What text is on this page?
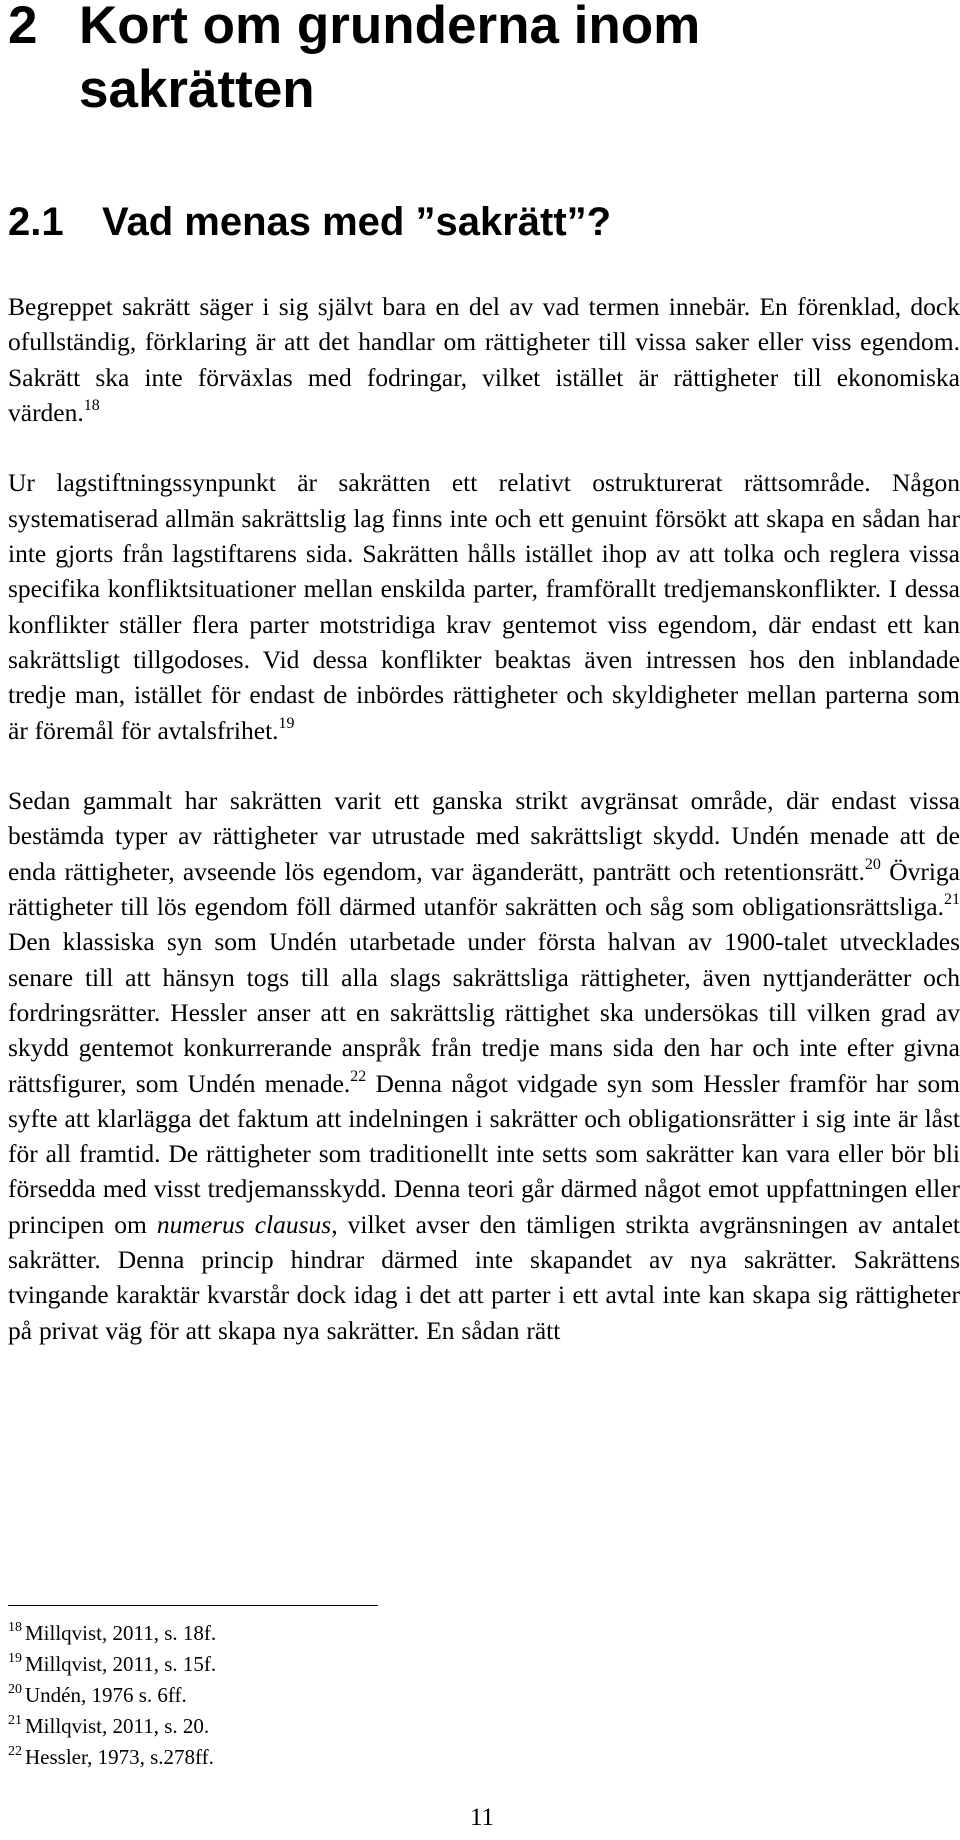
2 Kort om grunderna inom
sakrätten
2.1 Vad menas med ”sakrätt”?

Begreppet sakrätt säger i sig självt bara en del av vad termen innebär. En förenklad, dock ofullständig, förklaring är att det handlar om rättigheter till vissa saker eller viss egendom. Sakrätt ska inte förväxlas med fodringar, vilket istället är rättigheter till ekonomiska värden.$^{18}$

Ur lagstiftningssynpunkt är sakrätten ett relativt ostrukturerat rättsområde. Någon systematiserad allmän sakrättslig lag finns inte och ett genuint försökt att skapa en sådan har inte gjorts från lagstiftarens sida. Sakrätten hålls istället ihop av att tolka och reglera vissa specifika konfliktsituationer mellan enskilda parter, framförallt tredjemanskonflikter. I dessa konflikter ställer flera parter motstridiga krav gentemot viss egendom, där endast ett kan sakrättsligt tillgodoses. Vid dessa konflikter beaktas även intressen hos den inblandade tredje man, istället för endast de inbördes rättigheter och skyldigheter mellan parterna som är föremål för avtalsfrihet.$^{19}$

Sedan gammalt har sakrätten varit ett ganska strikt avgränsat område, där endast vissa bestämda typer av rättigheter var utrustade med sakrättsligt skydd. Undén menade att de enda rättigheter, avseende lös egendom, var äganderätt, panträtt och retentionsrätt.$^{20}$ Övriga rättigheter till lös egendom föll därmed utanför sakrätten och såg som obligationsrättsliga.$^{21}$ Den klassiska syn som Undén utarbetade under första halvan av 1900-talet utvecklades senare till att hänsyn togs till alla slags sakrättsliga rättigheter, även nyttjanderätter och fordringsrätter. Hessler anser att en sakrättslig rättighet ska undersökas till vilken grad av skydd gentemot konkurrerande anspråk från tredje mans sida den har och inte efter givna rättsfigurer, som Undén menade.$^{22}$ Denna något vidgade syn som Hessler framför har som syfte att klarlägga det faktum att indelningen i sakrätter och obligationsrätter i sig inte är låst för all framtid. De rättigheter som traditionellt inte setts som sakrätter kan vara eller bör bli försedda med visst tredjemansskydd. Denna teori går därmed något emot uppfattningen eller principen om numerus clausus, vilket avser den tämligen strikta avgränsningen av antalet sakrätter. Denna princip hindrar därmed inte skapandet av nya sakrätter. Sakrättens tvingande karaktär kvarstår dock idag i det att parter i ett avtal inte kan skapa sig rättigheter på privat väg för att skapa nya sakrätter. En sådan rätt

$^{18}$ Millqvist, 2011, s. 18f.
$^{19}$ Millqvist, 2011, s. 15f.
$^{20}$ Undén, 1976 s. 6ff.
$^{21}$ Millqvist, 2011, s. 20.
$^{22}$ Hessler, 1973, s.278ff.
11
